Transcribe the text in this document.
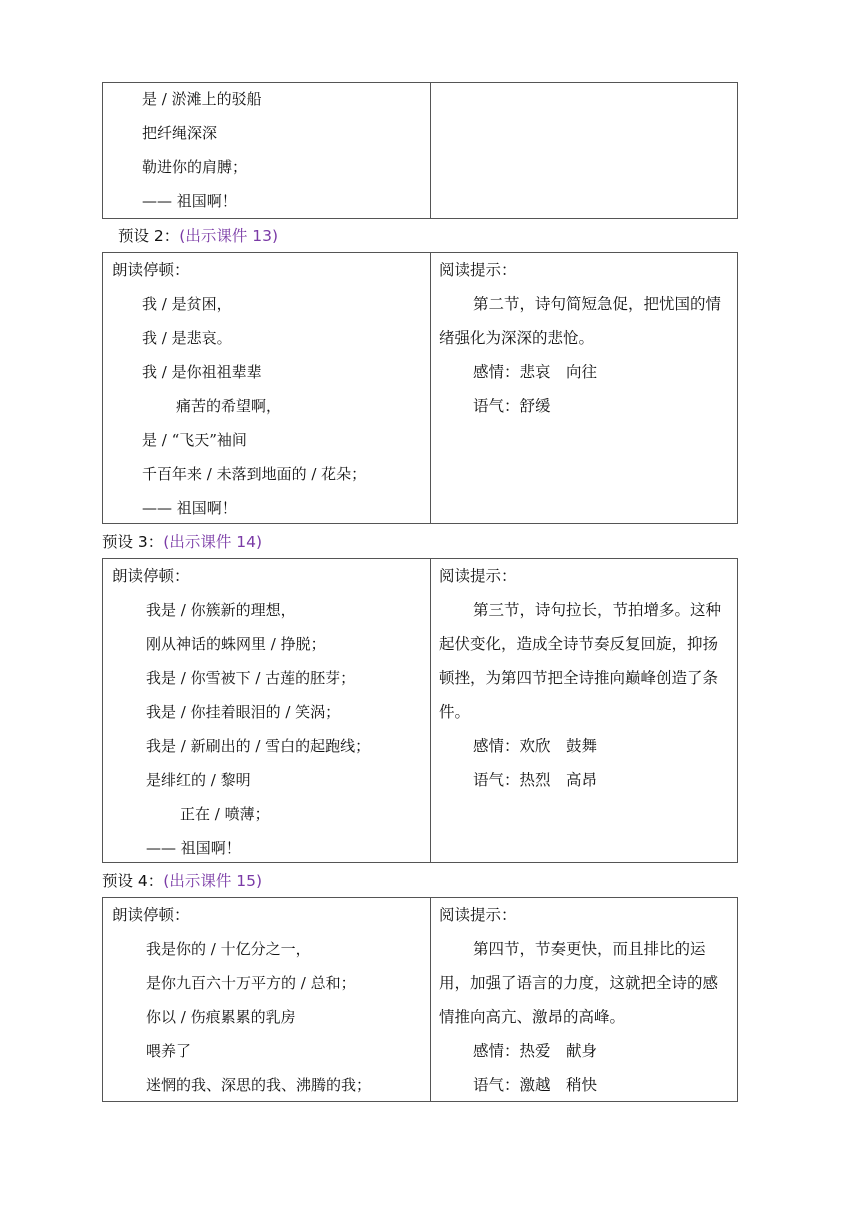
是 / 淤滩上的驳船
把纤绳深深
勒进你的肩膊；
—— 祖国啊！
预设 2：(出示课件 13)
朗读停顿：
我 / 是贫困，
我 / 是悲哀。
我 / 是你祖祖辈辈
痛苦的希望啊，
是 / “飞天”袖间
千百年来 / 未落到地面的 / 花朵；
—— 祖国啊！
阅读提示：
第二节，诗句简短急促，把忧国的情绪强化为深深的悲怆。
感情：悲哀　向往
语气：舒缓
预设 3：(出示课件 14)
朗读停顿：
我是 / 你簇新的理想，
刚从神话的蛛网里 / 挣脱；
我是 / 你雪被下 / 古莲的胚芽；
我是 / 你挂着眼泪的 / 笑涡；
我是 / 新刷出的 / 雪白的起跑线；
是绯红的 / 黎明
正在 / 喷薄；
—— 祖国啊！
阅读提示：
第三节，诗句拉长，节拍增多。这种起伏变化，造成全诗节奏反复回旋，抑扬顿挫，为第四节把全诗推向巅峰创造了条件。
感情：欢欣　鼓舞
语气：热烈　高昂
预设 4：(出示课件 15)
朗读停顿：
我是你的 / 十亿分之一，
是你九百六十万平方的 / 总和；
你以 / 伤痕累累的乳房
喂养了
迷惘的我、深思的我、沸腾的我；
阅读提示：
第四节，节奏更快，而且排比的运用，加强了语言的力度，这就把全诗的感情推向高亢、激昂的高峰。
感情：热爱　献身
语气：激越　稍快
